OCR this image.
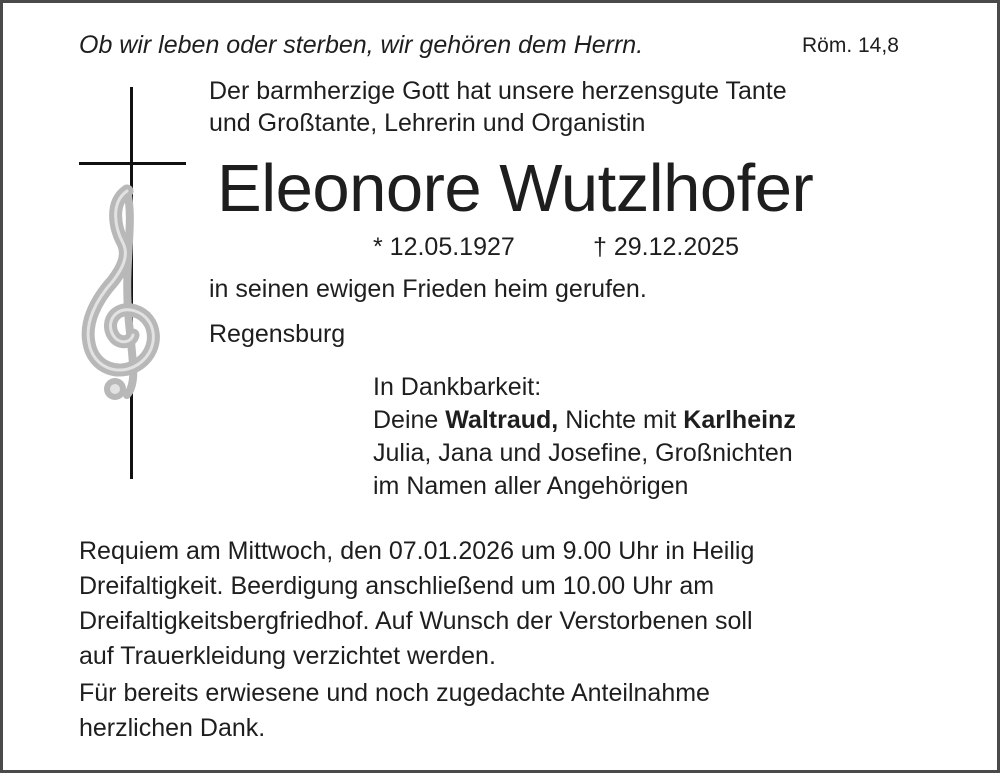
Ob wir leben oder sterben, wir gehören dem Herrn.	Röm. 14,8
Der barmherzige Gott hat unsere herzensgute Tante
und Großtante, Lehrerin und Organistin
Eleonore Wutzlhofer
* 12.05.1927	† 29.12.2025
in seinen ewigen Frieden heim gerufen.
Regensburg
In Dankbarkeit:
Deine Waltraud, Nichte mit Karlheinz
Julia, Jana und Josefine, Großnichten
im Namen aller Angehörigen
Requiem am Mittwoch, den 07.01.2026 um 9.00 Uhr in Heilig
Dreifaltigkeit. Beerdigung anschließend um 10.00 Uhr am
Dreifaltigkeitsbergfriedhof. Auf Wunsch der Verstorbenen soll
auf Trauerkleidung verzichtet werden.
Für bereits erwiesene und noch zugedachte Anteilnahme
herzlichen Dank.
